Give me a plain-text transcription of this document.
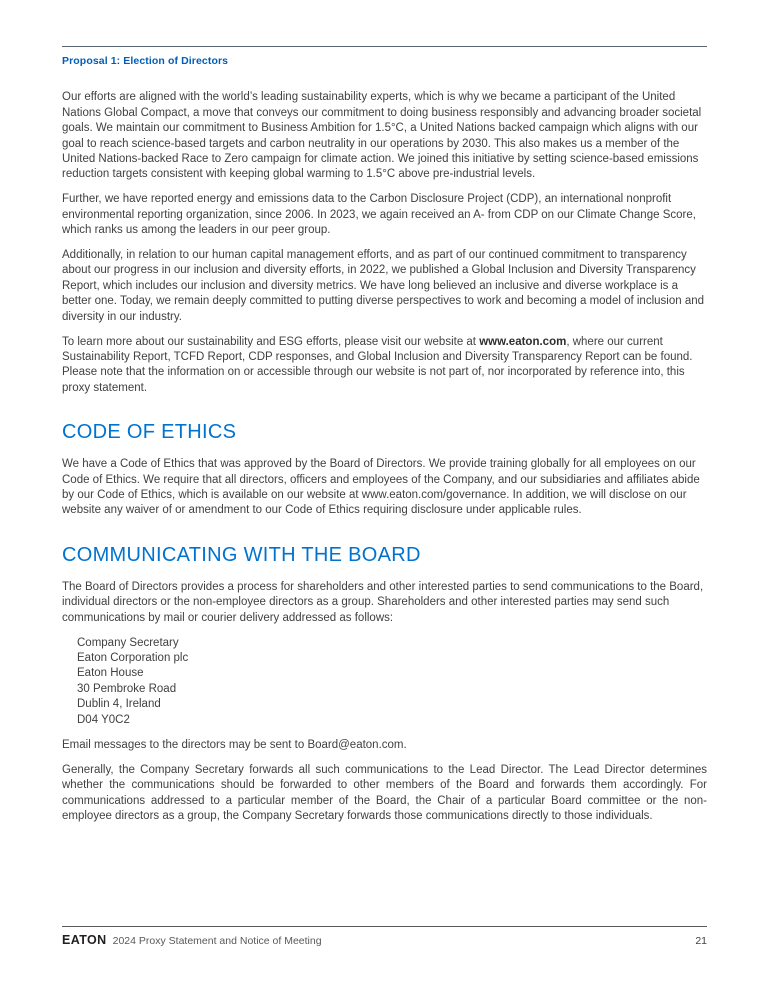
Proposal 1: Election of Directors

Our efforts are aligned with the world’s leading sustainability experts, which is why we became a participant of the United Nations Global Compact, a move that conveys our commitment to doing business responsibly and advancing broader societal goals. We maintain our commitment to Business Ambition for 1.5°C, a United Nations backed campaign which aligns with our goal to reach science-based targets and carbon neutrality in our operations by 2030. This also makes us a member of the United Nations-backed Race to Zero campaign for climate action. We joined this initiative by setting science-based emissions reduction targets consistent with keeping global warming to 1.5°C above pre-industrial levels.

Further, we have reported energy and emissions data to the Carbon Disclosure Project (CDP), an international nonprofit environmental reporting organization, since 2006. In 2023, we again received an A- from CDP on our Climate Change Score, which ranks us among the leaders in our peer group.

Additionally, in relation to our human capital management efforts, and as part of our continued commitment to transparency about our progress in our inclusion and diversity efforts, in 2022, we published a Global Inclusion and Diversity Transparency Report, which includes our inclusion and diversity metrics. We have long believed an inclusive and diverse workplace is a better one. Today, we remain deeply committed to putting diverse perspectives to work and becoming a model of inclusion and diversity in our industry.

To learn more about our sustainability and ESG efforts, please visit our website at www.eaton.com, where our current Sustainability Report, TCFD Report, CDP responses, and Global Inclusion and Diversity Transparency Report can be found. Please note that the information on or accessible through our website is not part of, nor incorporated by reference into, this proxy statement.

CODE OF ETHICS

We have a Code of Ethics that was approved by the Board of Directors. We provide training globally for all employees on our Code of Ethics. We require that all directors, officers and employees of the Company, and our subsidiaries and affiliates abide by our Code of Ethics, which is available on our website at www.eaton.com/governance. In addition, we will disclose on our website any waiver of or amendment to our Code of Ethics requiring disclosure under applicable rules.

COMMUNICATING WITH THE BOARD

The Board of Directors provides a process for shareholders and other interested parties to send communications to the Board, individual directors or the non-employee directors as a group. Shareholders and other interested parties may send such communications by mail or courier delivery addressed as follows:

Company Secretary
Eaton Corporation plc
Eaton House
30 Pembroke Road
Dublin 4, Ireland
D04 Y0C2

Email messages to the directors may be sent to Board@eaton.com.

Generally, the Company Secretary forwards all such communications to the Lead Director. The Lead Director determines whether the communications should be forwarded to other members of the Board and forwards them accordingly. For communications addressed to a particular member of the Board, the Chair of a particular Board committee or the non-employee directors as a group, the Company Secretary forwards those communications directly to those individuals.

EATON 2024 Proxy Statement and Notice of Meeting	21
